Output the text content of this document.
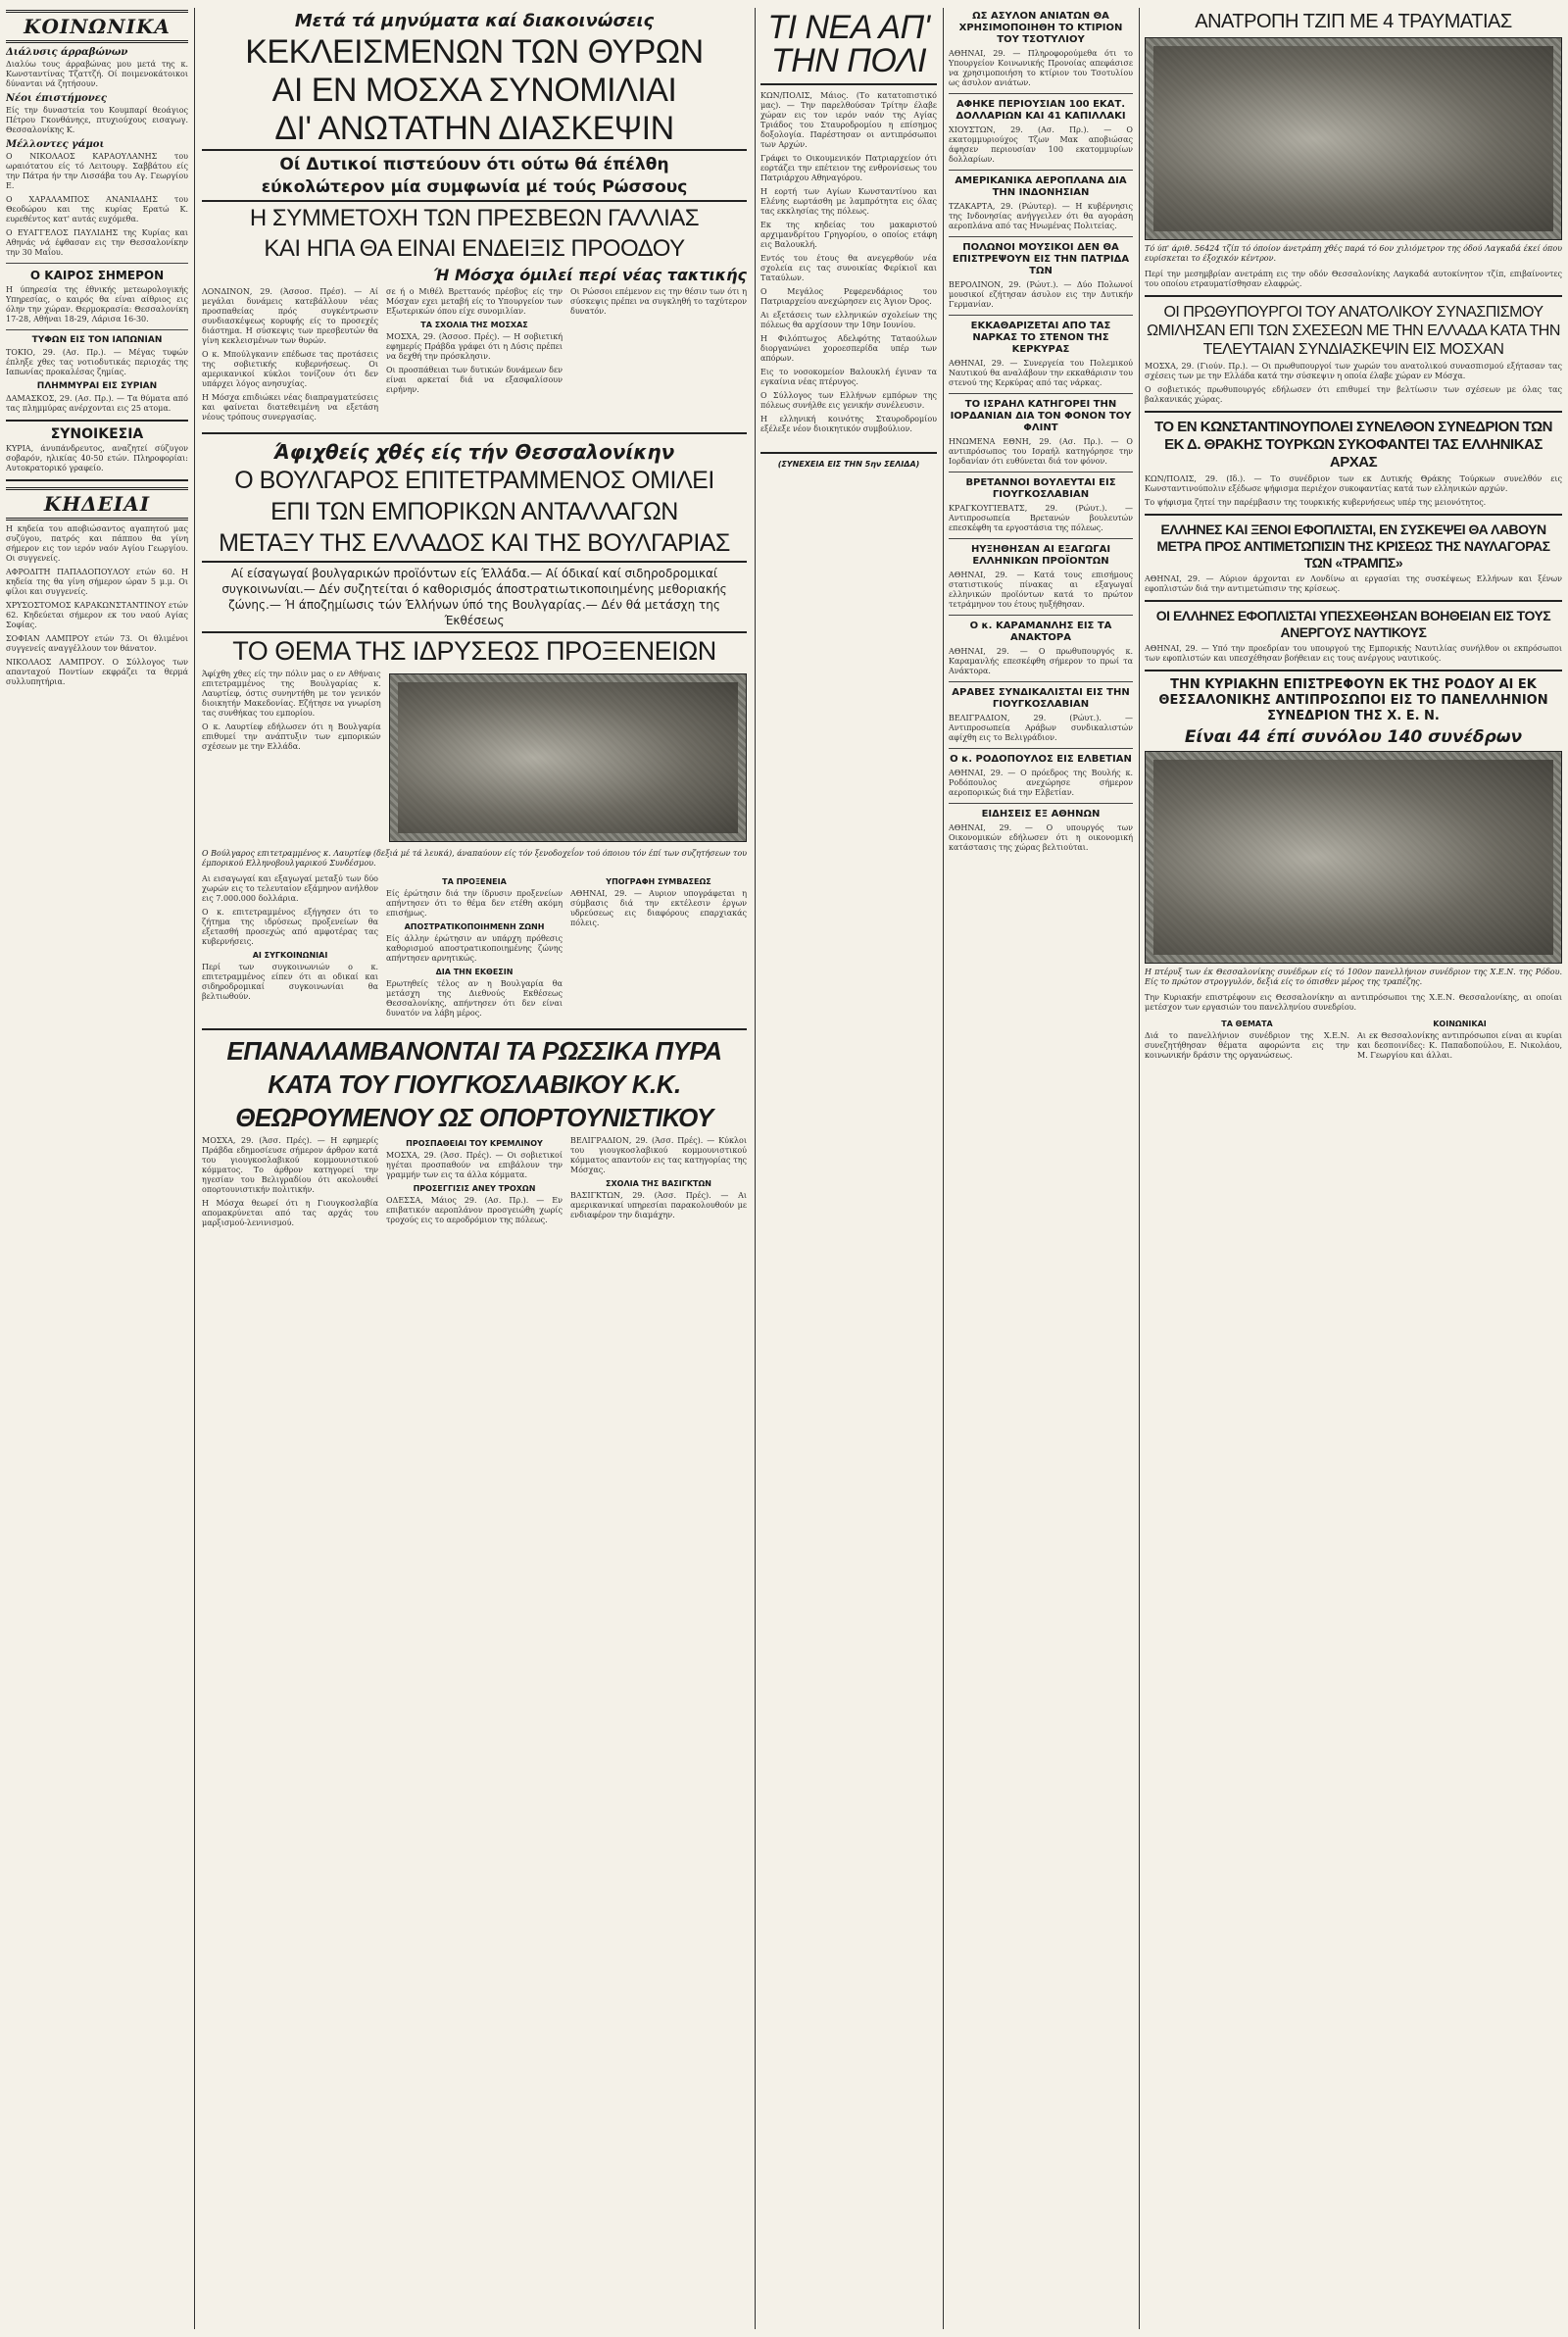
ΚΟΙΝΩΝΙΚΑ
Διάλυσις άρραβώνων

Διαλύω τους άρραβώνας μου μετά της κ. Κωνσταντίνας Τζαττζή. Οί ποιμενοκάτοικοι δύνανται νά ζητήσουν.

Νέοι έπιστήμονες

Είς την δυναστεία του Κουμπαρί θεοάγιος Πέτρου Γκονθάνηςε, πτυχιούχους εισαγωγ. Θεσσαλονίκης Κ.

Μέλλοντες γάμοι

Ο ΝΙΚΟΛΑΟΣ ΚΑΡΑΟΥΛΑΝΗΣ του ωραιότατου είς τό Λειτουργ. Σαββάτου είς την Πάτρα ήν την Λισσάβα του Αγ. Γεωργίου Ε.

Ο ΧΑΡΑΛΑΜΠΟΣ ΑΝΑΝΙΑΔΗΣ του Θεοδώρου και της κυρίας Ερατώ Κ. ευρεθέντος κατ' αυτάς ευχόμεθα.

Ο ΕΥΑΓΓΕΛΟΣ ΠΑΥΛΙΔΗΣ της Κυρίας και Αθηνάς νά έφθασαν εις την Θεσσαλονίκην την 30 Μαΐου.

Ο ΚΑΙΡΟΣ ΣΗΜΕΡΟΝ

Η ύπηρεσία της έθνικής μετεωρολογικής Υπηρεσίας, ο καιρός θα είναι αίθριος εις όλην την χώραν. Θερμοκρασία: Θεσσαλονίκη 17-28, Αθήναι 18-29, Λάρισα 16-30.

ΤΥΦΩΝ ΕΙΣ ΤΟΝ ΙΑΠΩΝΙΑΝ

ΤΟΚΙΟ, 29. (Ασ. Πρ.). — Μέγας τυφών έπληξε χθες τας νοτιοδυτικάς περιοχάς της Ιαπωνίας προκαλέσας ζημίας.

ΠΛΗΜΜΥΡΑΙ ΕΙΣ ΣΥΡΙΑΝ

ΔΑΜΑΣΚΟΣ, 29. (Ασ. Πρ.). — Τα θύματα από τας πλημμύρας ανέρχονται εις 25 ατομα.

ΣΥΝΟΙΚΕΣΙΑ

ΚΥΡΙΑ, άνυπάνδρευτος, αναζητεί σύζυγον σοβαρόν, ηλικίας 40-50 ετών. Πληροφορίαι: Αυτοκρατορικό γραφείο.

ΚΗΔΕΙΑΙ

Η κηδεία του αποβιώσαντος αγαπητού μας συζύγου, πατρός και πάππου θα γίνη σήμερον εις τον ιερόν ναόν Αγίου Γεωργίου. Οι συγγενείς.

ΑΦΡΟΔΙΤΗ ΠΑΠΑΔΟΠΟΥΛΟΥ ετών 60. Η κηδεία της θα γίνη σήμερον ώραν 5 μ.μ. Οι φίλοι και συγγενείς.

ΧΡΥΣΟΣΤΟΜΟΣ ΚΑΡΑΚΩΝΣΤΑΝΤΙΝΟΥ ετών 62. Κηδεύεται σήμερον εκ του ναού Αγίας Σοφίας.

ΣΟΦΙΑΝ ΛΑΜΠΡΟΥ ετών 73. Οι θλιμένοι συγγενείς αναγγέλλουν τον θάνατον.

ΝΙΚΟΛΑΟΣ ΛΑΜΠΡΟΥ. Ο Σύλλογος των απανταχού Ποντίων εκφράζει τα θερμά συλλυπητήρια.

Μετά τά μηνύματα καί διακοινώσεις
ΚΕΚΛΕΙΣΜΕΝΩΝ ΤΩΝ ΘΥΡΩΝ
ΑΙ ΕΝ ΜΟΣΧΑ ΣΥΝΟΜΙΛΙΑΙ
ΔΙ' ΑΝΩΤΑΤΗΝ ΔΙΑΣΚΕΨΙΝ
Οί Δυτικοί πιστεύουν ότι ούτω θά έπέλθη
εύκολώτερον μία συμφωνία μέ τούς Ρώσσους
Η ΣΥΜΜΕΤΟΧΗ ΤΩΝ ΠΡΕΣΒΕΩΝ ΓΑΛΛΙΑΣ
ΚΑΙ ΗΠΑ ΘΑ ΕΙΝΑΙ ΕΝΔΕΙΞΙΣ ΠΡΟΟΔΟΥ
Ή Μόσχα όμιλεί περί νέας τακτικής

ΛΟΝΔΙΝΟΝ, 29. (Άσσοσ. Πρέσ). — Αί μεγάλαι δυνάμεις κατεβάλλουν νέας προσπαθείας πρός συγκέντρωσιν συνδιασκέψεως κορυφής είς το προσεχές διάστημα. Η σύσκεψις των πρεσβευτών θα γίνη κεκλεισμένων των θυρών.

Ο κ. Μπούλγκανιν επέδωσε τας προτάσεις της σοβιετικής κυβερνήσεως. Οι αμερικανικοί κύκλοι τονίζουν ότι δεν υπάρχει λόγος ανησυχίας.

Η Μόσχα επιδιώκει νέας διαπραγματεύσεις και φαίνεται διατεθειμένη να εξετάση νέους τρόπους συνεργασίας.

σε ή ο Μιθέλ Βρεττανός πρέσβυς είς την Μόσχαν εχει μεταβή είς το Υπουργείον των Εξωτερικών όπου είχε συνομιλίαν.

ΤΑ ΣΧΟΛΙΑ ΤΗΣ ΜΟΣΧΑΣ

ΜΟΣΧΑ, 29. (Άσσοσ. Πρές). — Η σοβιετική εφημερίς Πράβδα γράφει ότι η Δύσις πρέπει να δεχθή την πρόσκλησιν.

Οι προσπάθειαι των δυτικών δυνάμεων δεν είναι αρκεταί διά να εξασφαλίσουν ειρήνην.

Οι Ρώσσοι επέμενον εις την θέσιν των ότι η σύσκεψις πρέπει να συγκληθή το ταχύτερον δυνατόν.

Άφιχθείς χθές είς τήν Θεσσαλονίκην
Ο ΒΟΥΛΓΑΡΟΣ ΕΠΙΤΕΤΡΑΜΜΕΝΟΣ ΟΜΙΛΕΙ
ΕΠΙ ΤΩΝ ΕΜΠΟΡΙΚΩΝ ΑΝΤΑΛΛΑΓΩΝ
ΜΕΤΑΞΥ ΤΗΣ ΕΛΛΑΔΟΣ ΚΑΙ ΤΗΣ ΒΟΥΛΓΑΡΙΑΣ
Αί είσαγωγαί βουλγαρικών προϊόντων είς Έλλάδα.— Αί όδικαί καί σιδηροδρομικαί συγκοινωνίαι.— Δέν συζητείται ό καθορισμός άποστρατιωτικοποιημένης μεθοριακής ζώνης.— Ή άποζημίωσις τών Έλλήνων ύπό της Βουλγαρίας.— Δέν θά μετάσχη της Έκθέσεως
ΤΟ ΘΕΜΑ ΤΗΣ ΙΔΡΥΣΕΩΣ ΠΡΟΞΕΝΕΙΩΝ

Άφίχθη χθες είς την πόλιν μας ο εν Αθήναις επιτετραμμένος της Βουλγαρίας κ. Λαυρτίεφ, όστις συνηντήθη με τον γενικόν διοικητήν Μακεδονίας. Εζήτησε να γνωρίση τας συνθήκας του εμπορίου.

Ο κ. Λαυρτίεφ εδήλωσεν ότι η Βουλγαρία επιθυμεί την ανάπτυξιν των εμπορικών σχέσεων με την Ελλάδα.

Ο Βούλγαρος επιτετραμμένος κ. Λαυρτίεφ (δεξιά μέ τά λευκά), άναπαύουν είς τόν ξενοδοχεΐον τού όποιου τόν έπί των συζητήσεων του έμπορικού Ελληνοβουλγαρικού Συνδέσμου.

Αι εισαγωγαί και εξαγωγαί μεταξύ των δύο χωρών εις το τελευταίον εξάμηνον ανήλθον εις 7.000.000 δολλάρια.

Ο κ. επιτετραμμένος εξήγησεν ότι το ζήτημα της ιδρύσεως προξενείων θα εξετασθή προσεχώς από αμφοτέρας τας κυβερνήσεις.

ΑΙ ΣΥΓΚΟΙΝΩΝΙΑΙ

Περί των συγκοινωνιών ο κ. επιτετραμμένος είπεν ότι αι οδικαί και σιδηροδρομικαί συγκοινωνίαι θα βελτιωθούν.

ΤΑ ΠΡΟΞΕΝΕΙΑ

Είς έρώτησιν διά την ίδρυσιν προξενείων απήντησεν ότι το θέμα δεν ετέθη ακόμη επισήμως.

ΑΠΟΣΤΡΑΤΙΚΟΠΟΙΗΜΕΝΗ ΖΩΝΗ

Είς άλλην έρώτησιν αν υπάρχη πρόθεσις καθορισμού αποστρατικοποιημένης ζώνης απήντησεν αρνητικώς.

ΔΙΑ ΤΗΝ ΕΚΘΕΣΙΝ

Ερωτηθείς τέλος αν η Βουλγαρία θα μετάσχη της Διεθνούς Εκθέσεως Θεσσαλονίκης, απήντησεν ότι δεν είναι δυνατόν να λάβη μέρος.

ΥΠΟΓΡΑΦΗ ΣΥΜΒΑΣΕΩΣ

ΑΘΗΝΑΙ, 29. — Αυριον υπογράφεται η σύμβασις διά την εκτέλεσιν έργων υδρεύσεως εις διαφόρους επαρχιακάς πόλεις.

ΕΠΑΝΑΛΑΜΒΑΝΟΝΤΑΙ ΤΑ ΡΩΣΣΙΚΑ ΠΥΡΑ
ΚΑΤΑ ΤΟΥ ΓΙΟΥΓΚΟΣΛΑΒΙΚΟΥ Κ.Κ.
ΘΕΩΡΟΥΜΕΝΟΥ ΩΣ ΟΠΟΡΤΟΥΝΙΣΤΙΚΟΥ

ΜΟΣΧΑ, 29. (Άσσ. Πρές). — Η εφημερίς Πράβδα εδημοσίευσε σήμερον άρθρον κατά του γιουγκοσλαβικού κομμουνιστικού κόμματος. Το άρθρον κατηγορεί την ηγεσίαν του Βελιγραδίου ότι ακολουθεί οπορτουνιστικήν πολιτικήν.

Η Μόσχα θεωρεί ότι η Γιουγκοσλαβία απομακρύνεται από τας αρχάς του μαρξισμού-λενινισμού.

ΠΡΟΣΠΑΘΕΙΑΙ ΤΟΥ ΚΡΕΜΛΙΝΟΥ

ΜΟΣΧΑ, 29. (Άσσ. Πρές). — Οι σοβιετικοί ηγέται προσπαθούν να επιβάλουν την γραμμήν των εις τα άλλα κόμματα.

ΠΡΟΣΕΓΓΙΣΙΣ ΑΝΕΥ ΤΡΟΧΩΝ

ΟΔΕΣΣΑ, Μάιος 29. (Ασ. Πρ.). — Εν επιβατικόν αεροπλάνον προσγειώθη χωρίς τροχούς εις το αεροδρόμιον της πόλεως.

ΒΕΛΙΓΡΑΔΙΟΝ, 29. (Άσσ. Πρές). — Κύκλοι του γιουγκοσλαβικού κομμουνιστικού κόμματος απαντούν εις τας κατηγορίας της Μόσχας.

ΣΧΟΛΙΑ ΤΗΣ ΒΑΣΙΓΚΤΩΝ

ΒΑΣΙΓΚΤΩΝ, 29. (Άσσ. Πρές). — Αι αμερικανικαί υπηρεσίαι παρακολουθούν με ενδιαφέρον την διαμάχην.

ΤΙ ΝΕΑ ΑΠ' ΤΗΝ ΠΟΛΙ

ΚΩΝ/ΠΟΛΙΣ, Μάιος. (Το κατατοπιστικό μας). — Την παρελθούσαν Τρίτην έλαβε χώραν εις τον ιερόν ναόν της Αγίας Τριάδος του Σταυροδρομίου η επίσημος δοξολογία. Παρέστησαν οι αντιπρόσωποι των Αρχών.

Γράφει το Οικουμενικόν Πατριαρχείον ότι εορτάζει την επέτειον της ενθρονίσεως του Πατριάρχου Αθηναγόρου.

Η εορτή των Αγίων Κωνσταντίνου και Ελένης εωρτάσθη με λαμπρότητα εις όλας τας εκκλησίας της πόλεως.

Εκ της κηδείας του μακαριστού αρχιμανδρίτου Γρηγορίου, ο οποίος ετάφη εις Βαλουκλή.

Εντός του έτους θα ανεγερθούν νέα σχολεία εις τας συνοικίας Φερίκιοϊ και Ταταύλων.

Ο Μεγάλος Ρεφερενδάριος του Πατριαρχείου ανεχώρησεν εις Άγιον Όρος.

Αι εξετάσεις των ελληνικών σχολείων της πόλεως θα αρχίσουν την 10ην Ιουνίου.

Η Φιλόπτωχος Αδελφότης Ταταούλων διοργανώνει χοροεσπερίδα υπέρ των απόρων.

Εις το νοσοκομείον Βαλουκλή έγιναν τα εγκαίνια νέας πτέρυγος.

Ο Σύλλογος των Ελλήνων εμπόρων της πόλεως συνήλθε εις γενικήν συνέλευσιν.

Η ελληνική κοινότης Σταυροδρομίου εξέλεξε νέον διοικητικόν συμβούλιον.

(ΣΥΝΕΧΕΙΑ ΕΙΣ ΤΗΝ 5ην ΣΕΛΙΔΑ)
ΩΣ ΑΣΥΛΟΝ ΑΝΙΑΤΩΝ ΘΑ ΧΡΗΣΙΜΟΠΟΙΗΘΗ ΤΟ ΚΤΙΡΙΟΝ ΤΟΥ ΤΣΟΤΥΛΙΟΥ

ΑΘΗΝΑΙ, 29. — Πληροφορούμεθα ότι το Υπουργείον Κοινωνικής Προνοίας απεφάσισε να χρησιμοποιήση το κτίριον του Τσοτυλίου ως άσυλον ανιάτων.

ΑΦΗΚΕ ΠΕΡΙΟΥΣΙΑΝ 100 ΕΚΑΤ. ΔΟΛΛΑΡΙΩΝ ΚΑΙ 41 ΚΑΠΙΛΛΑΚΙ

ΧΙΟΥΣΤΩΝ, 29. (Ασ. Πρ.). — Ο εκατομμυριούχος Τζων Μακ αποβιώσας άφησεν περιουσίαν 100 εκατομμυρίων δολλαρίων.

ΑΜΕΡΙΚΑΝΙΚΑ ΑΕΡΟΠΛΑΝΑ ΔΙΑ ΤΗΝ ΙΝΔΟΝΗΣΙΑΝ

ΤΖΑΚΑΡΤΑ, 29. (Ρώυτερ). — Η κυβέρνησις της Ινδονησίας ανήγγειλεν ότι θα αγοράση αεροπλάνα από τας Ηνωμένας Πολιτείας.

ΠΟΛΩΝΟΙ ΜΟΥΣΙΚΟΙ ΔΕΝ ΘΑ ΕΠΙΣΤΡΕΨΟΥΝ ΕΙΣ ΤΗΝ ΠΑΤΡΙΔΑ ΤΩΝ

ΒΕΡΟΛΙΝΟΝ, 29. (Ρώυτ.). — Δύο Πολωνοί μουσικοί εζήτησαν άσυλον εις την Δυτικήν Γερμανίαν.

ΕΚΚΑΘΑΡΙΖΕΤΑΙ ΑΠΟ ΤΑΣ ΝΑΡΚΑΣ ΤΟ ΣΤΕΝΟΝ ΤΗΣ ΚΕΡΚΥΡΑΣ

ΑΘΗΝΑΙ, 29. — Συνεργεία του Πολεμικού Ναυτικού θα αναλάβουν την εκκαθάρισιν του στενού της Κερκύρας από τας νάρκας.

ΤΟ ΙΣΡΑΗΛ ΚΑΤΗΓΟΡΕΙ ΤΗΝ ΙΟΡΔΑΝΙΑΝ ΔΙΑ ΤΟΝ ΦΟΝΟΝ ΤΟΥ ΦΛΙΝΤ

ΗΝΩΜΕΝΑ ΕΘΝΗ, 29. (Ασ. Πρ.). — Ο αντιπρόσωπος του Ισραήλ κατηγόρησε την Ιορδανίαν ότι ευθύνεται διά τον φόνον.

ΒΡΕΤΑΝΝΟΙ ΒΟΥΛΕΥΤΑΙ ΕΙΣ ΓΙΟΥΓΚΟΣΛΑΒΙΑΝ

ΚΡΑΓΚΟΥΓΙΕΒΑΤΣ, 29. (Ρώυτ.). — Αντιπροσωπεία Βρετανών βουλευτών επεσκέφθη τα εργοστάσια της πόλεως.

ΗΥΞΗΘΗΣΑΝ ΑΙ ΕΞΑΓΩΓΑΙ ΕΛΛΗΝΙΚΩΝ ΠΡΟΪΟΝΤΩΝ

ΑΘΗΝΑΙ, 29. — Κατά τους επισήμους στατιστικούς πίνακας αι εξαγωγαί ελληνικών προϊόντων κατά το πρώτον τετράμηνον του έτους ηυξήθησαν.

Ο κ. ΚΑΡΑΜΑΝΛΗΣ ΕΙΣ ΤΑ ΑΝΑΚΤΟΡΑ

ΑΘΗΝΑΙ, 29. — Ο πρωθυπουργός κ. Καραμανλής επεσκέφθη σήμερον το πρωί τα Ανάκτορα.

ΑΡΑΒΕΣ ΣΥΝΔΙΚΑΛΙΣΤΑΙ ΕΙΣ ΤΗΝ ΓΙΟΥΓΚΟΣΛΑΒΙΑΝ

ΒΕΛΙΓΡΑΔΙΟΝ, 29. (Ρώυτ.). — Αντιπροσωπεία Αράβων συνδικαλιστών αφίχθη εις το Βελιγράδιον.

Ο κ. ΡΟΔΟΠΟΥΛΟΣ ΕΙΣ ΕΛΒΕΤΙΑΝ

ΑΘΗΝΑΙ, 29. — Ο πρόεδρος της Βουλής κ. Ροδόπουλος ανεχώρησε σήμερον αεροπορικώς διά την Ελβετίαν.

ΕΙΔΗΣΕΙΣ ΕΞ ΑΘΗΝΩΝ

ΑΘΗΝΑΙ, 29. — Ο υπουργός των Οικονομικών εδήλωσεν ότι η οικονομική κατάστασις της χώρας βελτιούται.

ΑΝΑΤΡΟΠΗ ΤΖΙΠ ΜΕ 4 ΤΡΑΥΜΑΤΙΑΣ
Τό ύπ' άριθ. 56424 τζίπ τό όποίον άνετράπη χθές παρά τό 6ον χιλιόμετρον της όδού Λαγκαδά έκεί όπου ευρίσκεται το έξοχικόν κέντρον.

Περί την μεσημβρίαν ανετράπη εις την οδόν Θεσσαλονίκης Λαγκαδά αυτοκίνητον τζίπ, επιβαίνοντες του οποίου ετραυματίσθησαν ελαφρώς.

ΟΙ ΠΡΩΘΥΠΟΥΡΓΟΙ ΤΟΥ ΑΝΑΤΟΛΙΚΟΥ ΣΥΝΑΣΠΙΣΜΟΥ ΩΜΙΛΗΣΑΝ ΕΠΙ ΤΩΝ ΣΧΕΣΕΩΝ ΜΕ ΤΗΝ ΕΛΛΑΔΑ ΚΑΤΑ ΤΗΝ ΤΕΛΕΥΤΑΙΑΝ ΣΥΝΔΙΑΣΚΕΨΙΝ ΕΙΣ ΜΟΣΧΑΝ

ΜΟΣΧΑ, 29. (Γιούν. Πρ.). — Οι πρωθυπουργοί των χωρών του ανατολικού συνασπισμού εξήτασαν τας σχέσεις των με την Ελλάδα κατά την σύσκεψιν η οποία έλαβε χώραν εν Μόσχα.

Ο σοβιετικός πρωθυπουργός εδήλωσεν ότι επιθυμεί την βελτίωσιν των σχέσεων με όλας τας βαλκανικάς χώρας.

ΤΟ ΕΝ ΚΩΝΣΤΑΝΤΙΝΟΥΠΟΛΕΙ ΣΥΝΕΛΘΟΝ ΣΥΝΕΔΡΙΟΝ ΤΩΝ ΕΚ Δ. ΘΡΑΚΗΣ ΤΟΥΡΚΩΝ ΣΥΚΟΦΑΝΤΕΙ ΤΑΣ ΕΛΛΗΝΙΚΑΣ ΑΡΧΑΣ

ΚΩΝ/ΠΟΛΙΣ, 29. (Ιδ.). — Το συνέδριον των εκ Δυτικής Θράκης Τούρκων συνελθόν εις Κωνσταντινούπολιν εξέδωσε ψήφισμα περιέχον συκοφαντίας κατά των ελληνικών αρχών.

Το ψήφισμα ζητεί την παρέμβασιν της τουρκικής κυβερνήσεως υπέρ της μειονότητος.

ΕΛΛΗΝΕΣ ΚΑΙ ΞΕΝΟΙ ΕΦΟΠΛΙΣΤΑΙ, ΕΝ ΣΥΣΚΕΨΕΙ ΘΑ ΛΑΒΟΥΝ ΜΕΤΡΑ ΠΡΟΣ ΑΝΤΙΜΕΤΩΠΙΣΙΝ ΤΗΣ ΚΡΙΣΕΩΣ ΤΗΣ ΝΑΥΛΑΓΟΡΑΣ ΤΩΝ «ΤΡΑΜΠΣ»

ΑΘΗΝΑΙ, 29. — Αύριον άρχονται εν Λονδίνω αι εργασίαι της συσκέψεως Ελλήνων και ξένων εφοπλιστών διά την αντιμετώπισιν της κρίσεως.

ΟΙ ΕΛΛΗΝΕΣ ΕΦΟΠΛΙΣΤΑΙ ΥΠΕΣΧΕΘΗΣΑΝ ΒΟΗΘΕΙΑΝ ΕΙΣ ΤΟΥΣ ΑΝΕΡΓΟΥΣ ΝΑΥΤΙΚΟΥΣ

ΑΘΗΝΑΙ, 29. — Υπό την προεδρίαν του υπουργού της Εμπορικής Ναυτιλίας συνήλθον οι εκπρόσωποι των εφοπλιστών και υπεσχέθησαν βοήθειαν εις τους ανέργους ναυτικούς.

ΤΗΝ ΚΥΡΙΑΚΗΝ ΕΠΙΣΤΡΕΦΟΥΝ ΕΚ ΤΗΣ ΡΟΔΟΥ ΑΙ ΕΚ ΘΕΣΣΑΛΟΝΙΚΗΣ ΑΝΤΙΠΡΟΣΩΠΟΙ ΕΙΣ ΤΟ ΠΑΝΕΛΛΗΝΙΟΝ ΣΥΝΕΔΡΙΟΝ ΤΗΣ Χ. Ε. Ν.
Είναι 44 έπί συνόλου 140 συνέδρων
Η πτέρυξ των έκ Θεσσαλονίκης συνέδρων είς τό 100ον πανελλήνιον συνέδριον της Χ.Ε.Ν. της Ρόδου. Είς το πρώτον στρογγυλόν, δεξιά είς το όπισθεν μέρος της τραπέζης.

Την Κυριακήν επιστρέφουν εις Θεσσαλονίκην αι αντιπρόσωποι της Χ.Ε.Ν. Θεσσαλονίκης, αι οποίαι μετέσχον των εργασιών του πανελληνίου συνεδρίου.

ΤΑ ΘΕΜΑΤΑ

Διά το πανελλήνιον συνέδριον της Χ.Ε.Ν. συνεζητήθησαν θέματα αφορώντα εις την κοινωνικήν δράσιν της οργανώσεως.

ΚΟΙΝΩΝΙΚΑΙ

Αι εκ Θεσσαλονίκης αντιπρόσωποι είναι αι κυρίαι και δεσποινίδες: Κ. Παπαδοπούλου, Ε. Νικολάου, Μ. Γεωργίου και άλλαι.
